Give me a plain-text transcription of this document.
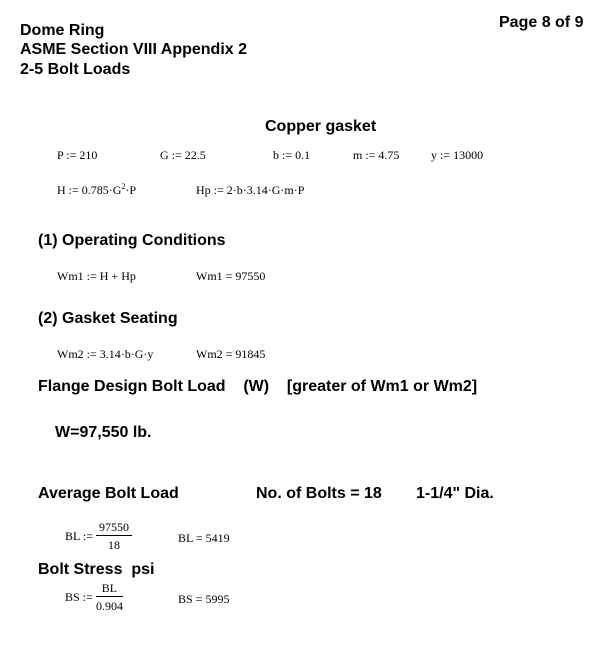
Dome Ring
ASME Section VIII Appendix 2
2-5 Bolt Loads
Page 8 of 9
Copper gasket
P := 210	G := 22.5	b := 0.1	m := 4.75	y := 13000
H := $0.785\cdot G^2\cdot P$	Hp := 2·b·3.14·G·m·P
(1) Operating Conditions
Wm1 := H + Hp	Wm1 = 97550
(2) Gasket Seating
Wm2 := 3.14·b·G·y	Wm2 = 91845
Flange Design Bolt Load    (W)    [greater of Wm1 or Wm2]
W=97,550 lb.
Average Bolt Load	No. of Bolts = 18 1-1/4" Dia.
BL := $\frac{97550}{18}$	BL = 5419
Bolt Stress  psi
BS := $\frac{BL}{0.904}$	BS = 5995
